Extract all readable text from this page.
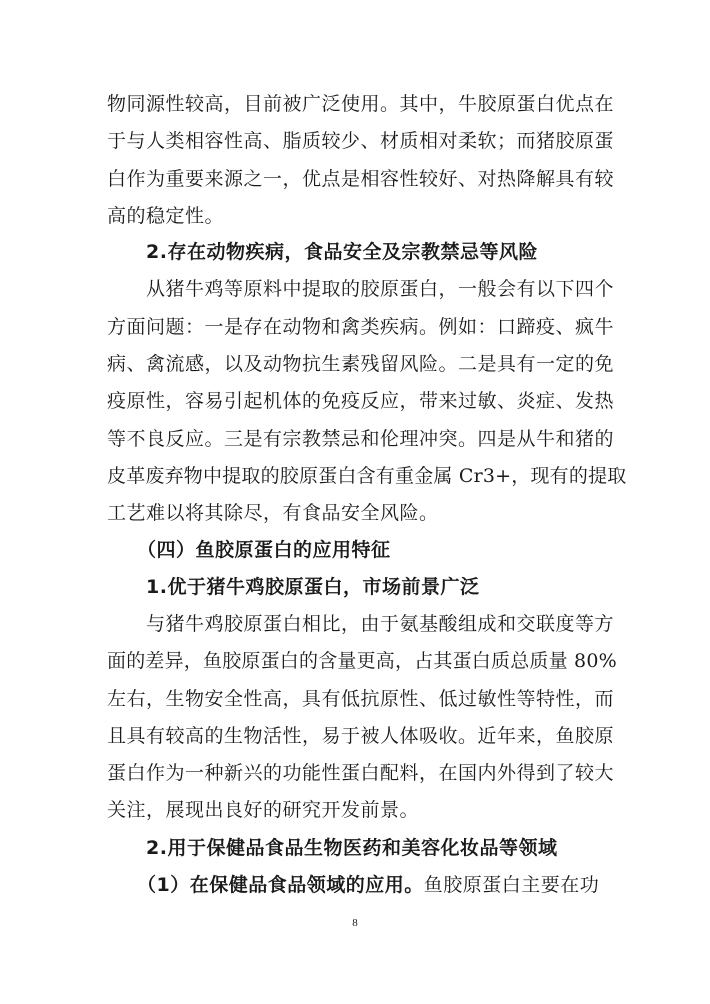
物同源性较高，目前被广泛使用。其中，牛胶原蛋白优点在
于与人类相容性高、脂质较少、材质相对柔软；而猪胶原蛋
白作为重要来源之一，优点是相容性较好、对热降解具有较
高的稳定性。
2.存在动物疾病，食品安全及宗教禁忌等风险
从猪牛鸡等原料中提取的胶原蛋白，一般会有以下四个
方面问题：一是存在动物和禽类疾病。例如：口蹄疫、疯牛
病、禽流感，以及动物抗生素残留风险。二是具有一定的免
疫原性，容易引起机体的免疫反应，带来过敏、炎症、发热
等不良反应。三是有宗教禁忌和伦理冲突。四是从牛和猪的
皮革废弃物中提取的胶原蛋白含有重金属 Cr3+，现有的提取
工艺难以将其除尽，有食品安全风险。
（四）鱼胶原蛋白的应用特征
1.优于猪牛鸡胶原蛋白，市场前景广泛
与猪牛鸡胶原蛋白相比，由于氨基酸组成和交联度等方
面的差异，鱼胶原蛋白的含量更高，占其蛋白质总质量 80%
左右，生物安全性高，具有低抗原性、低过敏性等特性，而
且具有较高的生物活性，易于被人体吸收。近年来，鱼胶原
蛋白作为一种新兴的功能性蛋白配料，在国内外得到了较大
关注，展现出良好的研究开发前景。
2.用于保健品食品生物医药和美容化妆品等领域
（1）在保健品食品领域的应用。鱼胶原蛋白主要在功
8
